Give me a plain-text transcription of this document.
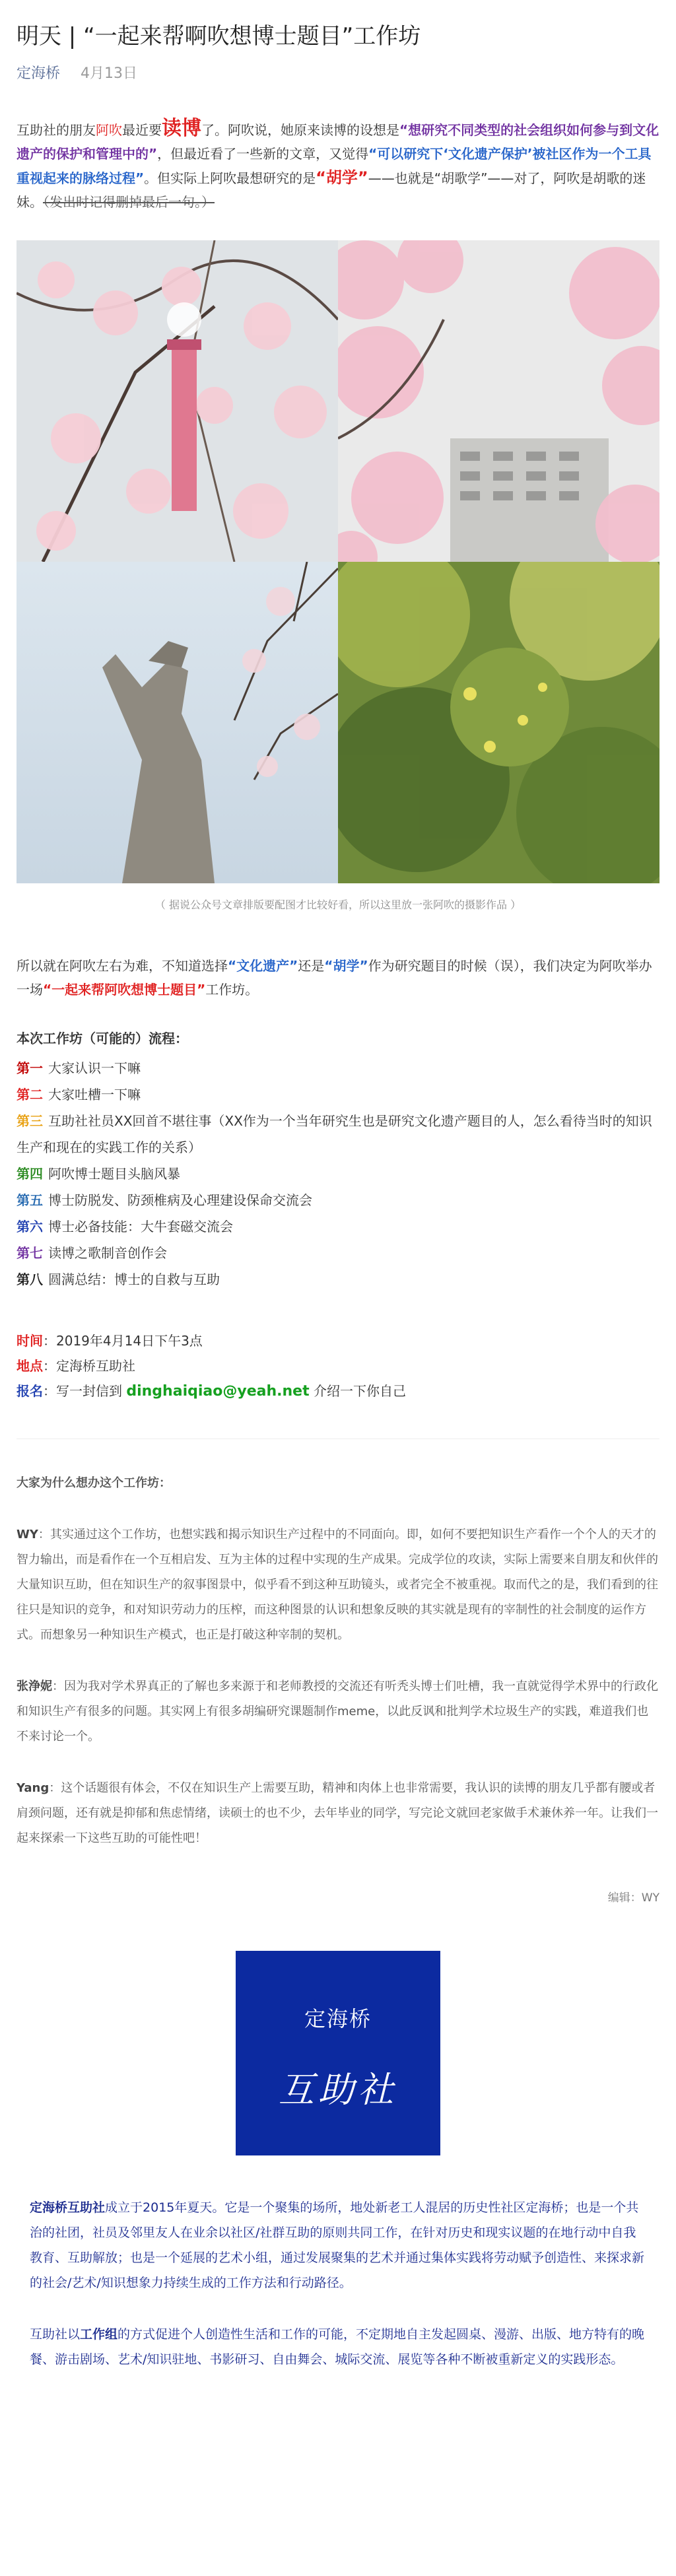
明天 | “一起来帮啊吹想博士题目”工作坊
定海桥 4月13日

互助社的朋友阿吹最近要读博了。阿吹说，她原来读博的设想是“想研究不同类型的社会组织如何参与到文化遗产的保护和管理中的”，但最近看了一些新的文章，又觉得“可以研究下‘文化遗产保护’被社区作为一个工具重视起来的脉络过程”。但实际上阿吹最想研究的是“胡学”——也就是“胡歌学”——对了，阿吹是胡歌的迷妹。（发出时记得删掉最后一句。）

（ 据说公众号文章排版要配图才比较好看，所以这里放一张阿吹的摄影作品 ）

所以就在阿吹左右为难，不知道选择“文化遗产”还是“胡学”作为研究题目的时候（误），我们决定为阿吹举办一场“一起来帮阿吹想博士题目”工作坊。

本次工作坊（可能的）流程：

第一 大家认识一下嘛
第二 大家吐槽一下嘛
第三 互助社社员XX回首不堪往事（XX作为一个当年研究生也是研究文化遗产题目的人，怎么看待当时的知识生产和现在的实践工作的关系）
第四 阿吹博士题目头脑风暴
第五 博士防脱发、防颈椎病及心理建设保命交流会
第六 博士必备技能：大牛套磁交流会
第七 读博之歌制音创作会
第八 圆满总结：博士的自救与互助

时间：2019年4月14日下午3点

地点：定海桥互助社

报名：写一封信到 dinghaiqiao@yeah.net 介绍一下你自己

大家为什么想办这个工作坊：

WY：其实通过这个工作坊，也想实践和揭示知识生产过程中的不同面向。即，如何不要把知识生产看作一个个人的天才的智力输出，而是看作在一个互相启发、互为主体的过程中实现的生产成果。完成学位的攻读，实际上需要来自朋友和伙伴的大量知识互助，但在知识生产的叙事图景中，似乎看不到这种互助镜头，或者完全不被重视。取而代之的是，我们看到的往往只是知识的竞争，和对知识劳动力的压榨，而这种图景的认识和想象反映的其实就是现有的宰制性的社会制度的运作方式。而想象另一种知识生产模式，也正是打破这种宰制的契机。

张浄妮：因为我对学术界真正的了解也多来源于和老师教授的交流还有听秃头博士们吐槽，我一直就觉得学术界中的行政化和知识生产有很多的问题。其实网上有很多胡编研究课题制作meme，以此反讽和批判学术垃圾生产的实践，难道我们也不来讨论一个。

Yang：这个话题很有体会，不仅在知识生产上需要互助，精神和肉体上也非常需要，我认识的读博的朋友几乎都有腰或者肩颈问题，还有就是抑郁和焦虑情绪，读硕士的也不少，去年毕业的同学，写完论文就回老家做手术兼休养一年。让我们一起来探索一下这些互助的可能性吧！

编辑：WY

定海桥
互助社

定海桥互助社成立于2015年夏天。它是一个聚集的场所，地处新老工人混居的历史性社区定海桥；也是一个共治的社团，社员及邻里友人在业余以社区/社群互助的原则共同工作，在针对历史和现实议题的在地行动中自我教育、互助解放；也是一个延展的艺术小组，通过发展聚集的艺术并通过集体实践将劳动赋予创造性、来探求新的社会/艺术/知识想象力持续生成的工作方法和行动路径。

互助社以工作组的方式促进个人创造性生活和工作的可能，不定期地自主发起圆桌、漫游、出版、地方特有的晚餐、游击剧场、艺术/知识驻地、书影研习、自由舞会、城际交流、展览等各种不断被重新定义的实践形态。
